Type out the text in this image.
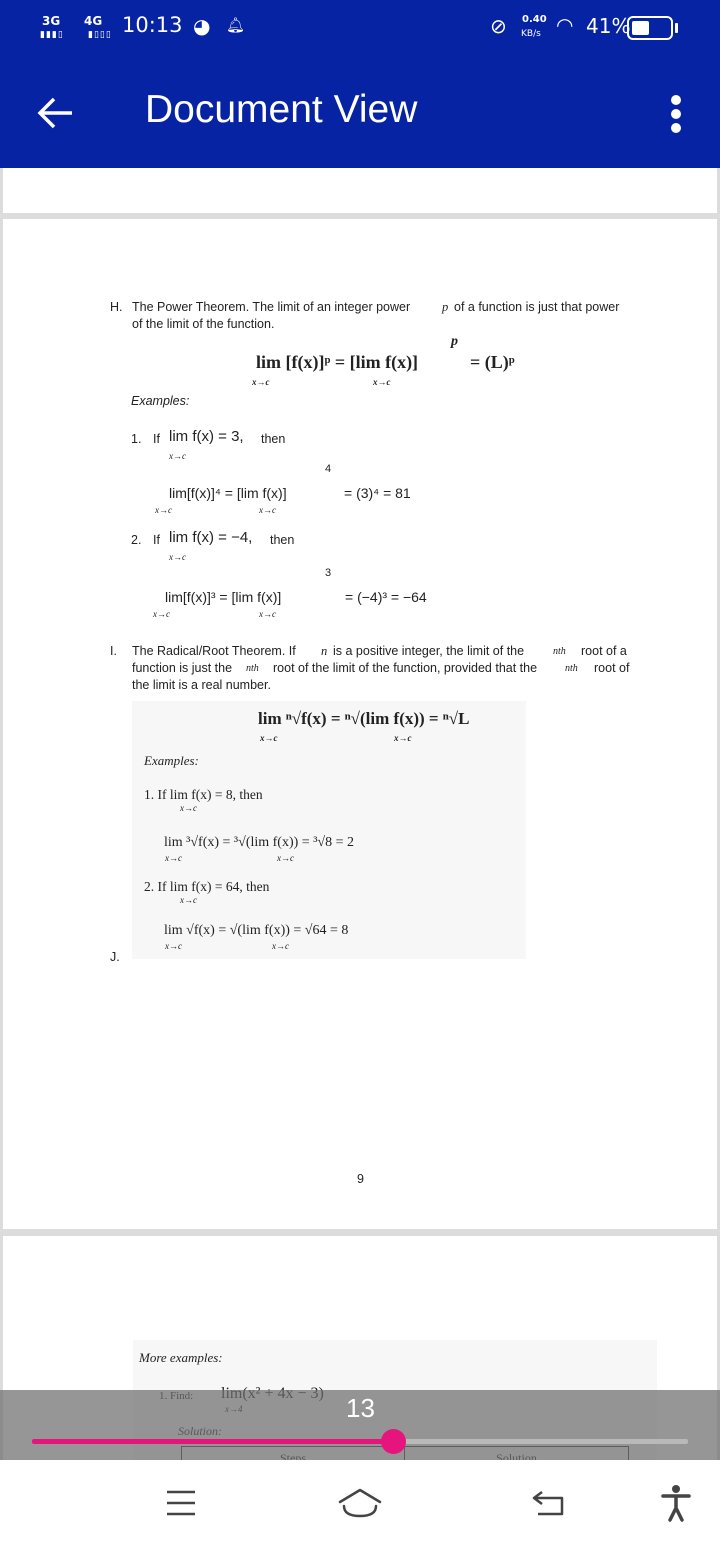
3G
▮▮▮▯
4G
▮▯▯▯ 10:13 ◕ 🔔︎	⊘ 0.40
KB/s ◠ 41%
Document View
H. The Power Theorem. The limit of an integer power	p of a function is just that power
of the limit of the function.
p
lim [f(x)]ᵖ = [lim f(x)]	= (L)ᵖ
x→c	x→c
Examples:
1. If lim f(x) = 3, then
x→c
4
lim[f(x)]⁴ = [lim f(x)]	= (3)⁴ = 81
x→c	x→c
2. If lim f(x) = −4, then
x→c
3
lim[f(x)]³ = [lim f(x)]	= (−4)³ = −64
x→c	x→c
I. The Radical/Root Theorem. If n is a positive integer, the limit of the	nth root of a
function is just the nth root of the limit of the function, provided that the	nth root of
the limit is a real number.
lim ⁿ√f(x) = ⁿ√(lim f(x)) = ⁿ√L
x→c	x→c
Examples:
1. If lim f(x) = 8, then
x→c
lim ³√f(x) = ³√(lim f(x)) = ³√8 = 2
x→c	x→c
2. If lim f(x) = 64, then
x→c
lim √f(x) = √(lim f(x)) = √64 = 8
x→c	x→c
J.
9
More examples:
13
